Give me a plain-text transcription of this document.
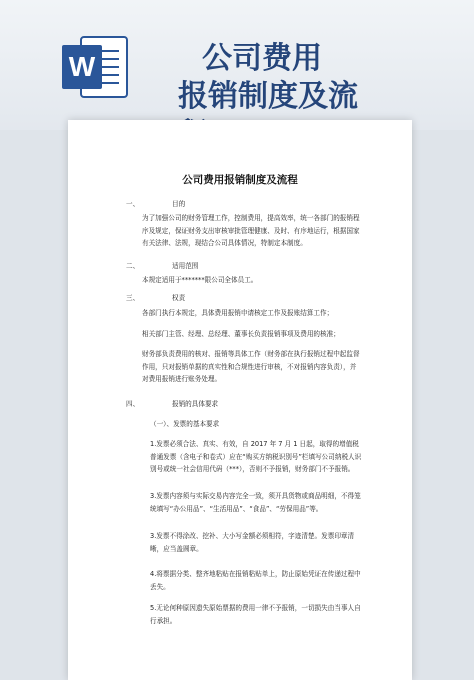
W	公司费用
报销制度及流
公司费用报销制度及流程
一、	目的
为了加强公司的财务管理工作，控制费用，提高效率，统一各部门的报销程序及规定，保证财务支出审核审批管理健康、及时、有序地运行，根据国家有关法律、法规，现结合公司具体情况，特制定本制度。
二、	适用范围
本规定适用于*******限公司全体员工。
三、	权责
各部门执行本规定，具体费用报销申请核定工作及报账结算工作；
相关部门主管、经理、总经理、董事长负责报销事项及费用的核准；
财务部负责费用的核对、报销等具体工作（财务部在执行报销过程中起监督作用，只对报销单据的真实性和合规性进行审核，不对报销内容负责），并对费用报销进行账务处理。
四、	报销的具体要求
（一）、发票的基本要求
1.发票必须合法、真实、有效，自 2017 年 7 月 1 日起，取得的增值税普通发票（含电子和卷式）应在“购买方纳税识别号”栏填写公司纳税人识别号或统一社会信用代码（***），否则不予报销，财务部门不予报销。
3.发票内容须与实际交易内容完全一致，须开具货物或商品明细，不得笼统填写“办公用品”、“生活用品”、“食品”、“劳保用品”等。
3.发票不得涂改、挖补、大小写金额必须相符，字迹清楚。发票印章清晰，应当盖圆章。
4.将票据分类、整齐地粘贴在报销粘贴单上，防止原始凭证在传递过程中丢失。
5.无论何种原因遗失原始票据的费用一律不予报销，一切损失由当事人自行承担。
